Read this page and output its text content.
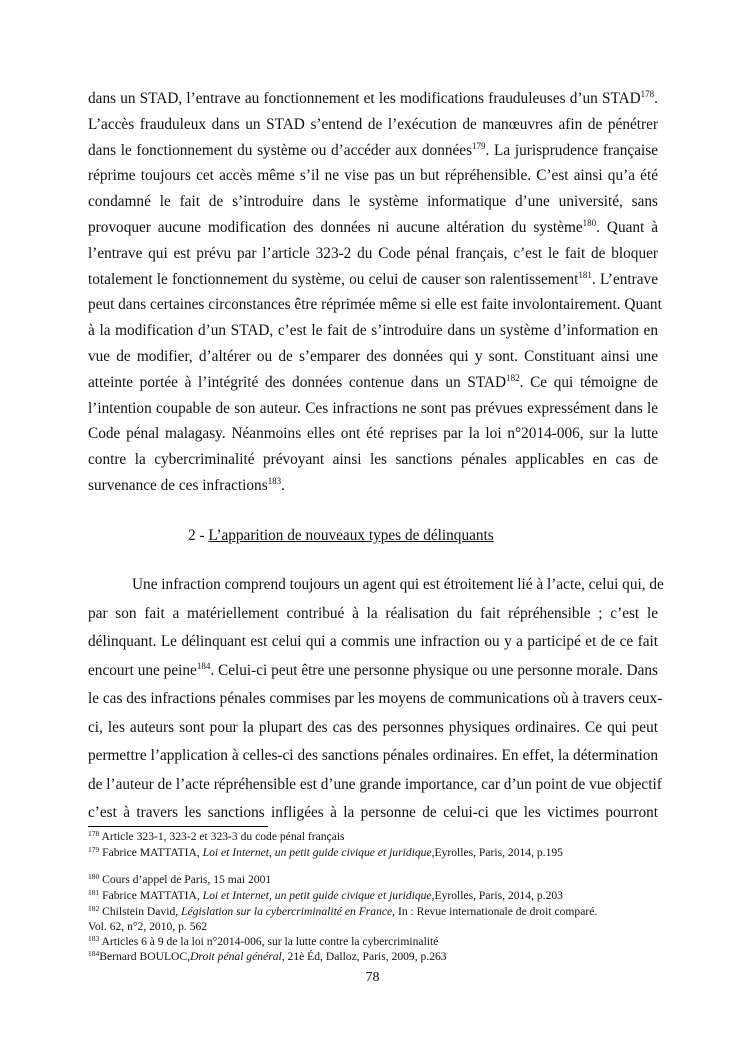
dans un STAD, l’entrave au fonctionnement et les modifications frauduleuses d’un STAD$^{178}$.
L’accès frauduleux dans un STAD s’entend de l’exécution de manœuvres afin de pénétrer
dans le fonctionnement du système ou d’accéder aux données$^{179}$. La jurisprudence française
réprime toujours cet accès même s’il ne vise pas un but répréhensible. C’est ainsi qu’a été
condamné le fait de s’introduire dans le système informatique d’une université, sans
provoquer aucune modification des données ni aucune altération du système$^{180}$. Quant à
l’entrave qui est prévu par l’article 323-2 du Code pénal français, c’est le fait de bloquer
totalement le fonctionnement du système, ou celui de causer son ralentissement$^{181}$. L’entrave
peut dans certaines circonstances être réprimée même si elle est faite involontairement. Quant
à la modification d’un STAD, c’est le fait de s’introduire dans un système d’information en
vue de modifier, d’altérer ou de s’emparer des données qui y sont. Constituant ainsi une
atteinte portée à l’intégrité des données contenue dans un STAD$^{182}$. Ce qui témoigne de
l’intention coupable de son auteur. Ces infractions ne sont pas prévues expressément dans le
Code pénal malagasy. Néanmoins elles ont été reprises par la loi n°2014-006, sur la lutte
contre la cybercriminalité prévoyant ainsi les sanctions pénales applicables en cas de
survenance de ces infractions$^{183}$.
2 - L’apparition de nouveaux types de délinquants
Une infraction comprend toujours un agent qui est étroitement lié à l’acte, celui qui, de
par son fait a matériellement contribué à la réalisation du fait répréhensible ; c’est le
délinquant. Le délinquant est celui qui a commis une infraction ou y a participé et de ce fait
encourt une peine$^{184}$. Celui-ci peut être une personne physique ou une personne morale. Dans
le cas des infractions pénales commises par les moyens de communications où à travers ceux-
ci, les auteurs sont pour la plupart des cas des personnes physiques ordinaires. Ce qui peut
permettre l’application à celles-ci des sanctions pénales ordinaires. En effet, la détermination
de l’auteur de l’acte répréhensible est d’une grande importance, car d’un point de vue objectif
c’est à travers les sanctions infligées à la personne de celui-ci que les victimes pourront
$^{178}$ Article 323-1, 323-2 et 323-3 du code pénal français
$^{179}$ Fabrice MATTATIA, Loi et Internet, un petit guide civique et juridique,Eyrolles, Paris, 2014, p.195
$^{180}$ Cours d’appel de Paris, 15 mai 2001
$^{181}$ Fabrice MATTATIA, Loi et Internet, un petit guide civique et juridique,Eyrolles, Paris, 2014, p.203
$^{182}$ Chilstein David, Législation sur la cybercriminalité en France, In : Revue internationale de droit comparé.
Vol. 62, n°2, 2010, p. 562
$^{183}$ Articles 6 à 9 de la loi n°2014-006, sur la lutte contre la cybercriminalité
$^{184}$Bernard BOULOC,Droit pénal général, 21è Éd, Dalloz, Paris, 2009, p.263
78
